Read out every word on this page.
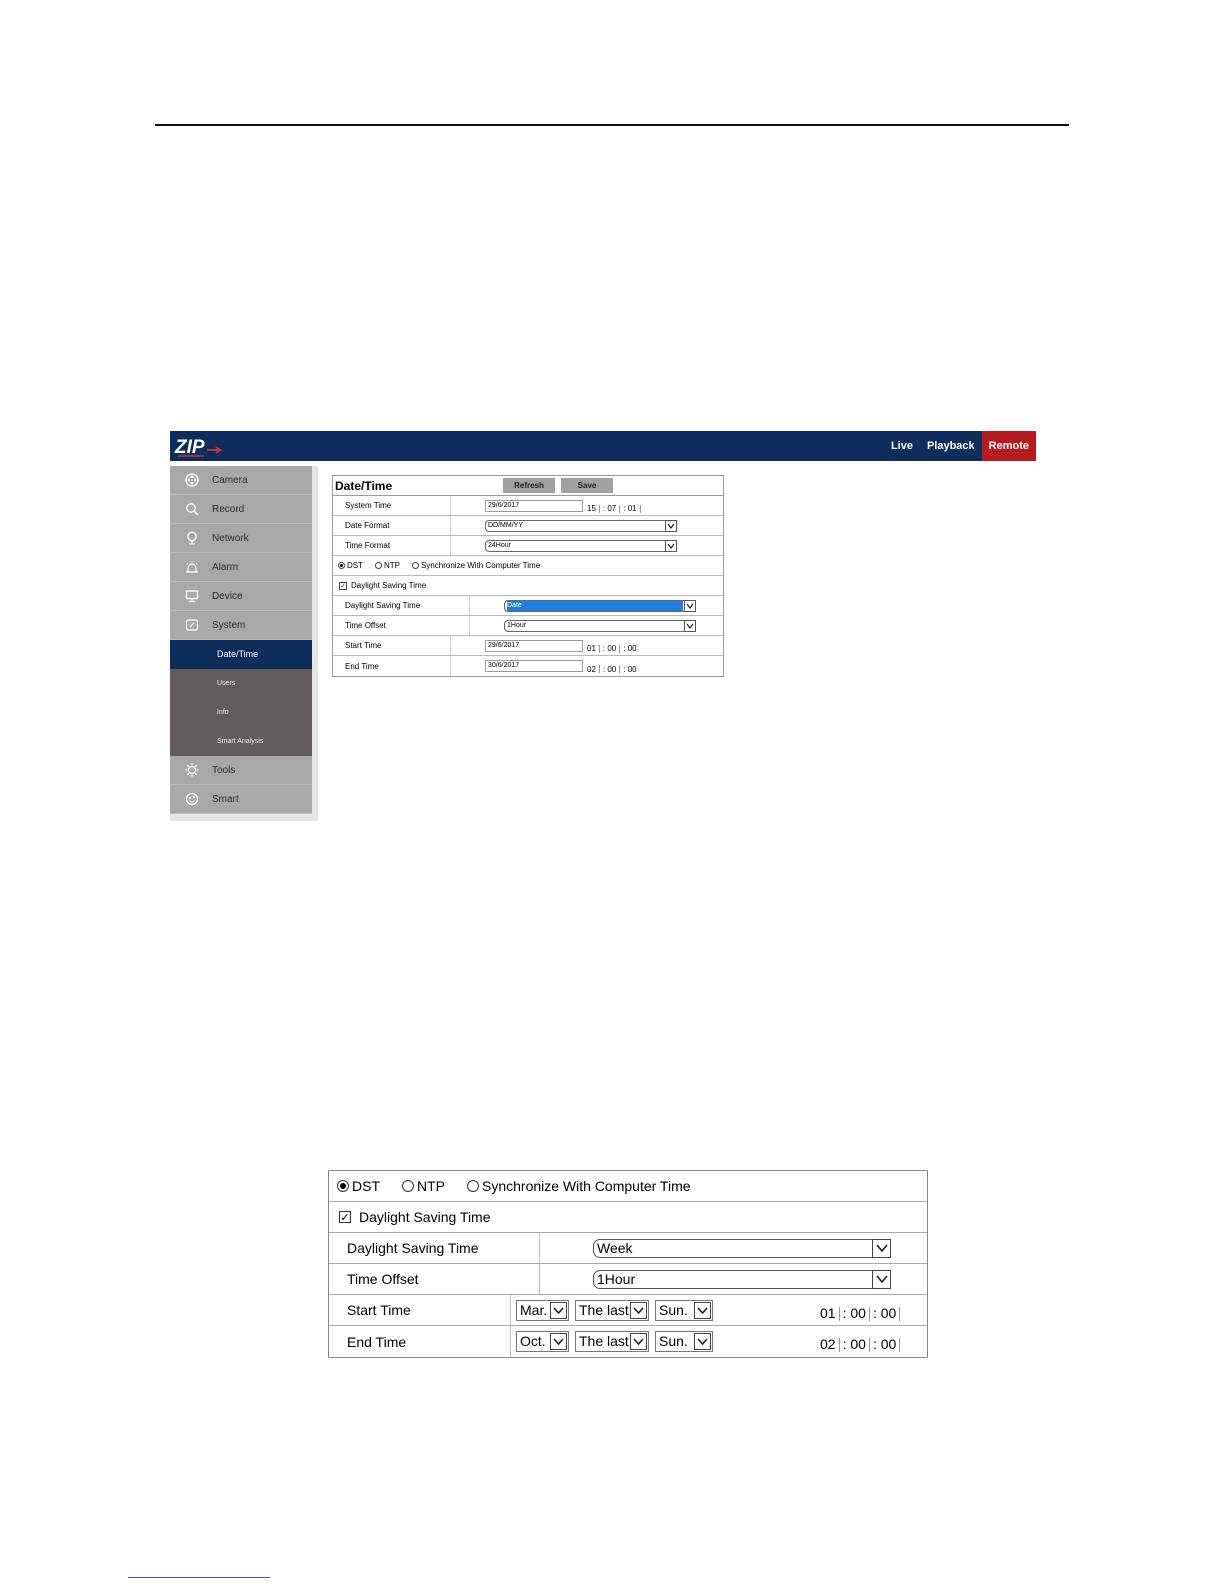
ZIP	Live	Playback	Remote
Camera
Record
Network
Alarm
Device
System
Date/Time
Users
Info
Smart Analysis
Tools
Smart
Date/Time	Refresh	Save
System Time	29/6/2017	15 : 07 : 01
Date Format	DD/MM/YY
Time Format	24Hour
DST	NTP	Synchronize With Computer Time
✓ Daylight Saving Time
Daylight Saving Time	Date
Time Offset	1Hour
Start Time	29/6/2017	01 : 00 : 00
End Time	30/6/2017	02 : 00 : 00
DST	NTP	Synchronize With Computer Time
✓ Daylight Saving Time
Daylight Saving Time	Week
Time Offset	1Hour
Start Time	Mar.	The last	Sun.	01 : 00 : 00
End Time	Oct.	The last	Sun.	02 : 00 : 00
